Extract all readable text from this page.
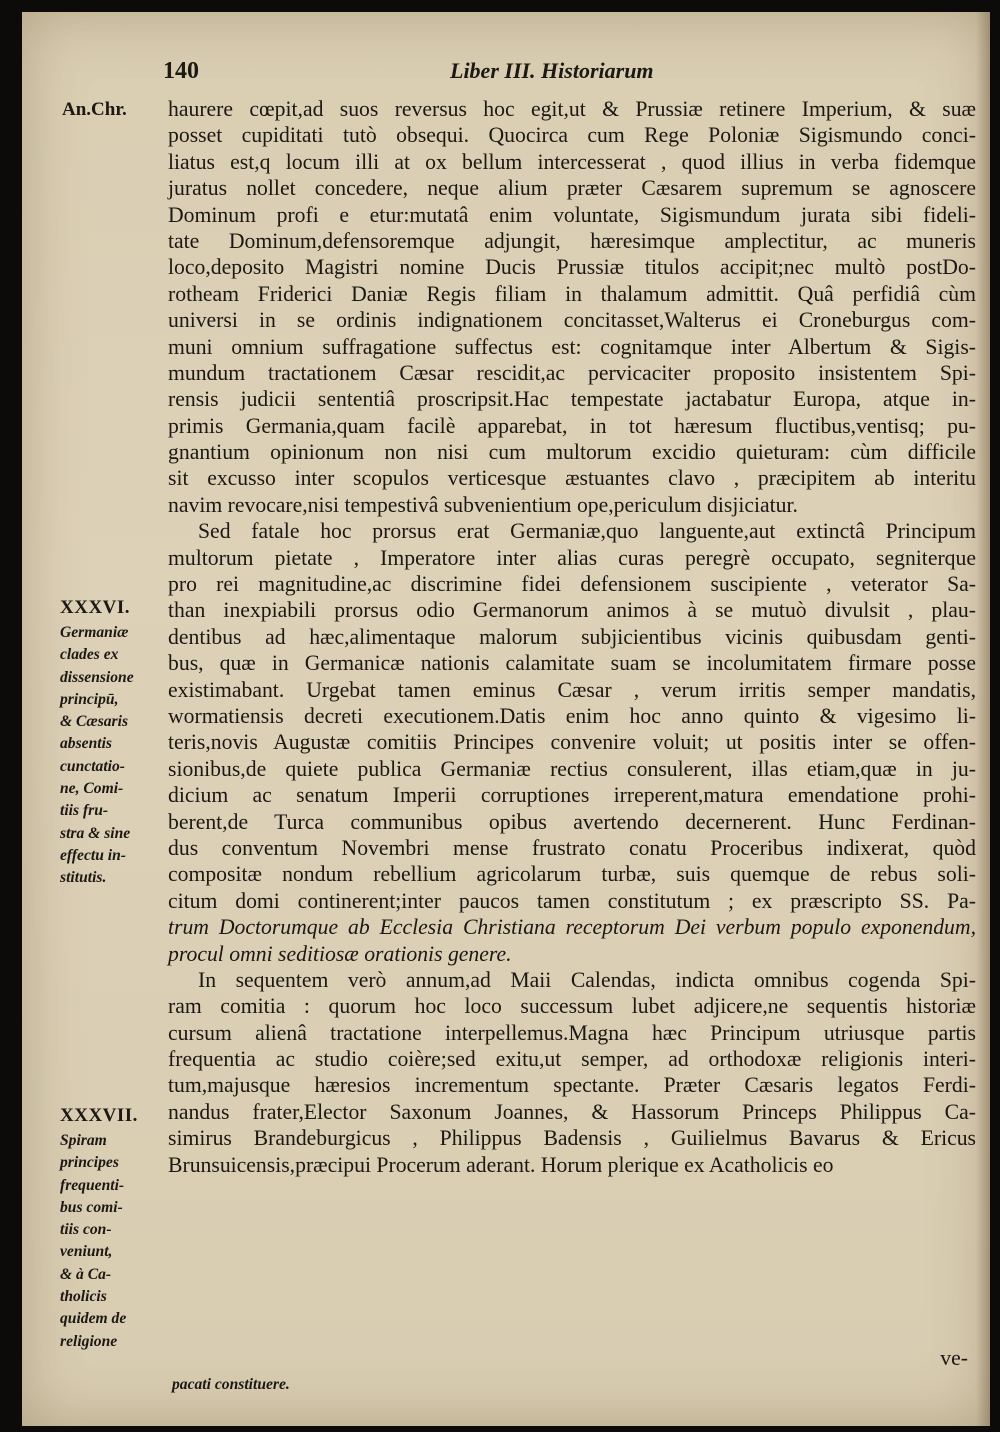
140	Liber III. Historiarum
An.Chr. haurere cœpit,ad suos reversus hoc egit,ut & Prussiæ retinere Imperium, & suæ
posset cupiditati tutò obsequi. Quocirca cum Rege Poloniæ Sigismundo conci-
liatus est,q locum illi at ox bellum intercesserat , quod illius in verba fidemque
juratus nollet concedere, neque alium præter Cæsarem supremum se agnoscere
Dominum profi e etur:mutatâ enim voluntate, Sigismundum jurata sibi fideli-
tate Dominum,defensoremque adjungit, hæresimque amplectitur, ac muneris
loco,deposito Magistri nomine Ducis Prussiæ titulos accipit;nec multò postDo-
rotheam Friderici Daniæ Regis filiam in thalamum admittit. Quâ perfidiâ cùm
universi in se ordinis indignationem concitasset,Walterus ei Croneburgus com-
muni omnium suffragatione suffectus est: cognitamque inter Albertum & Sigis-
mundum tractationem Cæsar rescidit,ac pervicaciter proposito insistentem Spi-
rensis judicii sententiâ proscripsit.Hac tempestate jactabatur Europa, atque in-
primis Germania,quam facilè apparebat, in tot hæresum fluctibus,ventisq; pu-
gnantium opinionum non nisi cum multorum excidio quieturam: cùm difficile
sit excusso inter scopulos verticesque æstuantes clavo , præcipitem ab interitu
navim revocare,nisi tempestivâ subvenientium ope,periculum disjiciatur.
Sed fatale hoc prorsus erat Germaniæ,quo languente,aut extinctâ Principum
multorum pietate , Imperatore inter alias curas peregrè occupato, segniterque
pro rei magnitudine,ac discrimine fidei defensionem suscipiente , veterator Sa-
than inexpiabili prorsus odio Germanorum animos à se mutuò divulsit , plau-
dentibus ad hæc,alimentaque malorum subjicientibus vicinis quibusdam genti-
bus, quæ in Germanicæ nationis calamitate suam se incolumitatem firmare posse
existimabant. Urgebat tamen eminus Cæsar , verum irritis semper mandatis,
wormatiensis decreti executionem.Datis enim hoc anno quinto & vigesimo li-
teris,novis Augustæ comitiis Principes convenire voluit; ut positis inter se offen-
sionibus,de quiete publica Germaniæ rectius consulerent, illas etiam,quæ in ju-
dicium ac senatum Imperii corruptiones irreperent,matura emendatione prohi-
berent,de Turca communibus opibus avertendo decernerent. Hunc Ferdinan-
dus conventum Novembri mense frustrato conatu Proceribus indixerat, quòd
compositæ nondum rebellium agricolarum turbæ, suis quemque de rebus soli-
citum domi continerent;inter paucos tamen constitutum ; ex præscripto SS. Pa-
trum Doctorumque ab Ecclesia Christiana receptorum Dei verbum populo exponendum,
procul omni seditiosæ orationis genere.
In sequentem verò annum,ad Maii Calendas, indicta omnibus cogenda Spi-
ram comitia : quorum hoc loco successum lubet adjicere,ne sequentis historiæ
cursum alienâ tractatione interpellemus.Magna hæc Principum utriusque partis
frequentia ac studio coière;sed exitu,ut semper, ad orthodoxæ religionis interi-
tum,majusque hæresios incrementum spectante. Præter Cæsaris legatos Ferdi-
nandus frater,Elector Saxonum Joannes, & Hassorum Princeps Philippus Ca-
simirus Brandeburgicus , Philippus Badensis , Guilielmus Bavarus & Ericus
Brunsuicensis,præcipui Procerum aderant. Horum plerique ex Acatholicis eo
XXXVI.
Germaniæ
clades ex
dissensione
principū,
& Cæsaris
absentis
cunctatio-
ne, Comi-
tiis fru-
stra & sine
effectu in-
stitutis.
XXXVII.
Spiram
principes
frequenti-
bus comi-
tiis con-
veniunt,
& à Ca-
tholicis
quidem de
religione
ve-
pacati constituere.
